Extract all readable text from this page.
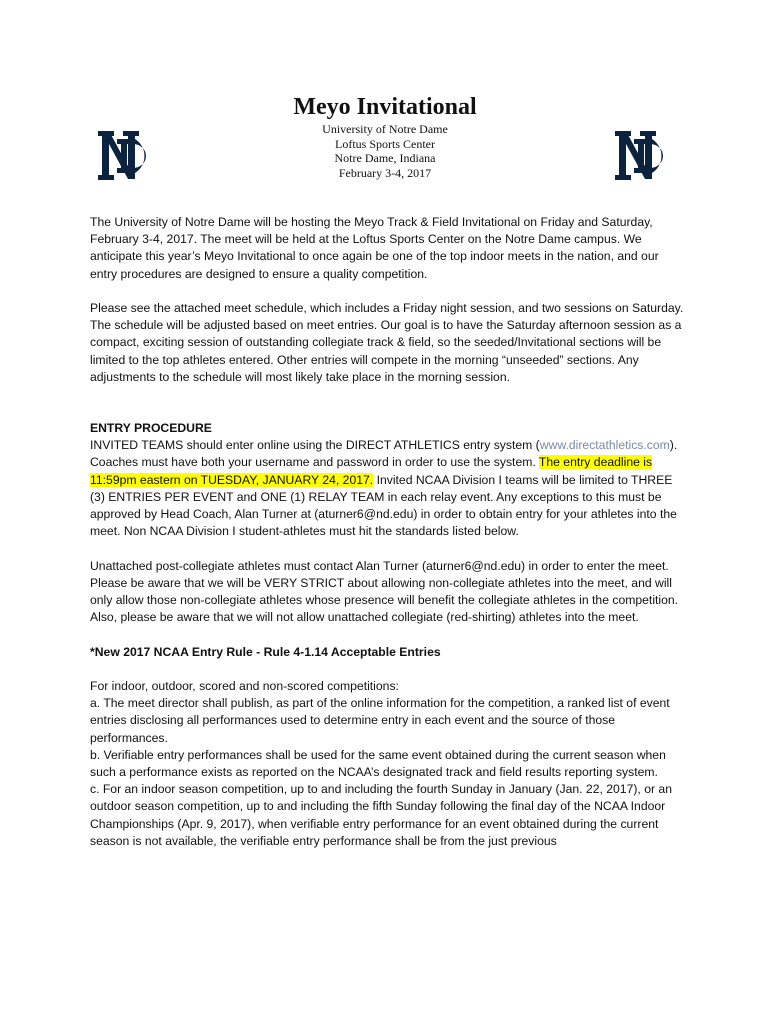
Meyo Invitational

University of Notre Dame

Loftus Sports Center

Notre Dame, Indiana

February 3-4, 2017

The University of Notre Dame will be hosting the Meyo Track & Field Invitational on Friday and Saturday, February 3-4, 2017. The meet will be held at the Loftus Sports Center on the Notre Dame campus. We anticipate this year’s Meyo Invitational to once again be one of the top indoor meets in the nation, and our entry procedures are designed to ensure a quality competition.

Please see the attached meet schedule, which includes a Friday night session, and two sessions on Saturday. The schedule will be adjusted based on meet entries. Our goal is to have the Saturday afternoon session as a compact, exciting session of outstanding collegiate track & field, so the seeded/Invitational sections will be limited to the top athletes entered. Other entries will compete in the morning “unseeded” sections. Any adjustments to the schedule will most likely take place in the morning session.

ENTRY PROCEDURE

INVITED TEAMS should enter online using the DIRECT ATHLETICS entry system (www.directathletics.com). Coaches must have both your username and password in order to use the system. The entry deadline is 11:59pm eastern on TUESDAY, JANUARY 24, 2017. Invited NCAA Division I teams will be limited to THREE (3) ENTRIES PER EVENT and ONE (1) RELAY TEAM in each relay event. Any exceptions to this must be approved by Head Coach, Alan Turner at (aturner6@nd.edu) in order to obtain entry for your athletes into the meet. Non NCAA Division I student-athletes must hit the standards listed below.

Unattached post-collegiate athletes must contact Alan Turner (aturner6@nd.edu) in order to enter the meet. Please be aware that we will be VERY STRICT about allowing non-collegiate athletes into the meet, and will only allow those non-collegiate athletes whose presence will benefit the collegiate athletes in the competition. Also, please be aware that we will not allow unattached collegiate (red-shirting) athletes into the meet.

*New 2017 NCAA Entry Rule - Rule 4-1.14 Acceptable Entries

For indoor, outdoor, scored and non-scored competitions:

a. The meet director shall publish, as part of the online information for the competition, a ranked list of event entries disclosing all performances used to determine entry in each event and the source of those performances.

b. Verifiable entry performances shall be used for the same event obtained during the current season when such a performance exists as reported on the NCAA’s designated track and field results reporting system.

c. For an indoor season competition, up to and including the fourth Sunday in January (Jan. 22, 2017), or an outdoor season competition, up to and including the fifth Sunday following the final day of the NCAA Indoor Championships (Apr. 9, 2017), when verifiable entry performance for an event obtained during the current season is not available, the verifiable entry performance shall be from the just previous
